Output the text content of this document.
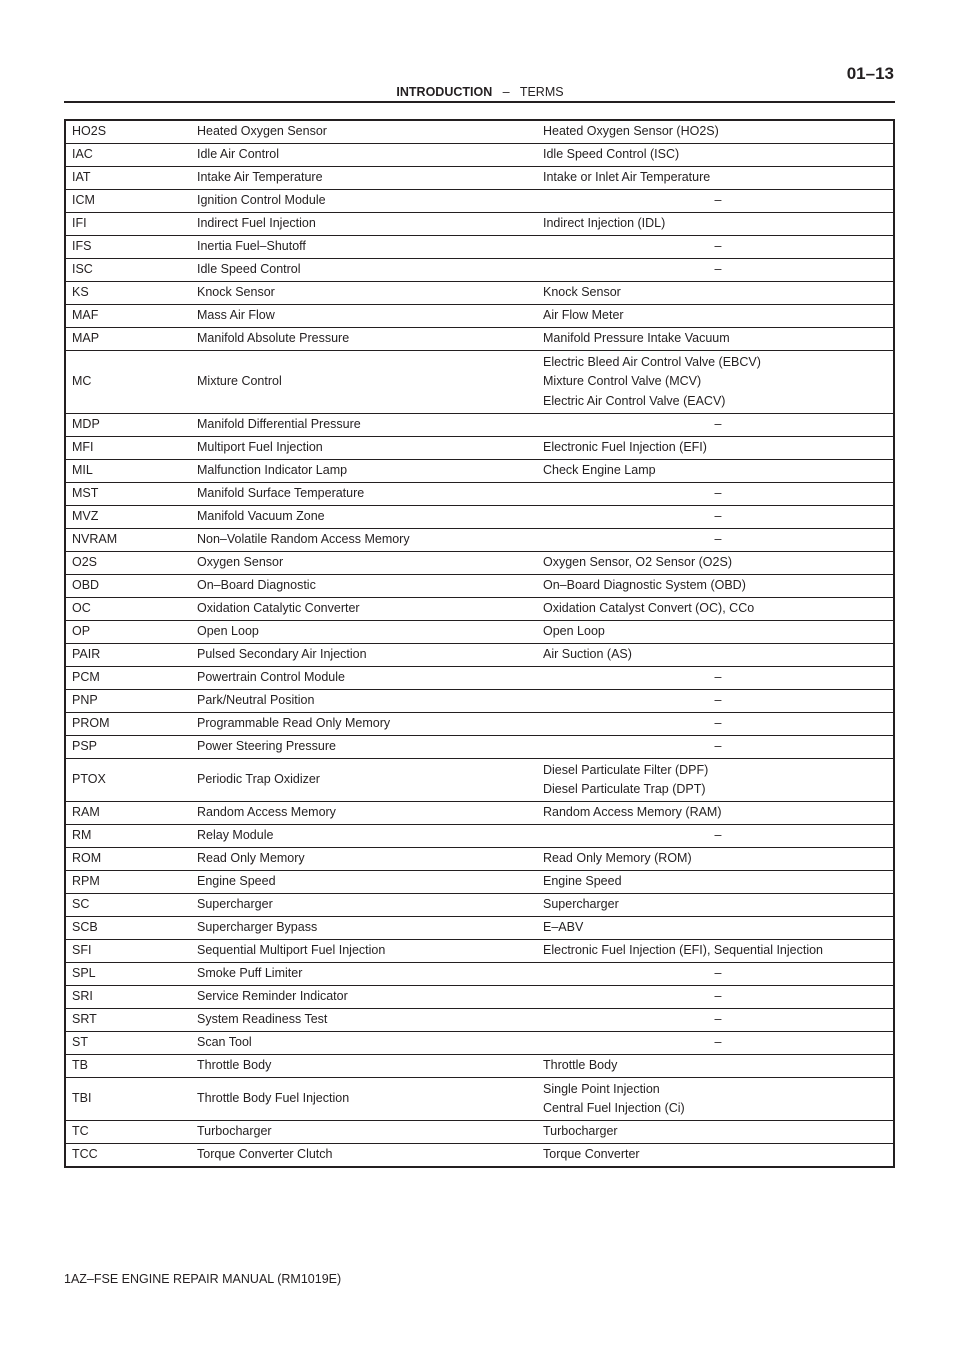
INTRODUCTION – TERMS
01–13
HO2S	Heated Oxygen Sensor	Heated Oxygen Sensor (HO2S)

IAC	Idle Air Control	Idle Speed Control (ISC)

IAT	Intake Air Temperature	Intake or Inlet Air Temperature

ICM	Ignition Control Module	–

IFI	Indirect Fuel Injection	Indirect Injection (IDL)

IFS	Inertia Fuel–Shutoff	–

ISC	Idle Speed Control	–

KS	Knock Sensor	Knock Sensor

MAF	Mass Air Flow	Air Flow Meter

MAP	Manifold Absolute Pressure	Manifold Pressure Intake Vacuum

MC	Mixture Control	Electric Bleed Air Control Valve (EBCV)
Mixture Control Valve (MCV)
Electric Air Control Valve (EACV)

MDP	Manifold Differential Pressure	–

MFI	Multiport Fuel Injection	Electronic Fuel Injection (EFI)

MIL	Malfunction Indicator Lamp	Check Engine Lamp

MST	Manifold Surface Temperature	–

MVZ	Manifold Vacuum Zone	–

NVRAM	Non–Volatile Random Access Memory	–

O2S	Oxygen Sensor	Oxygen Sensor, O2 Sensor (O2S)

OBD	On–Board Diagnostic	On–Board Diagnostic System (OBD)

OC	Oxidation Catalytic Converter	Oxidation Catalyst Convert (OC), CCo

OP	Open Loop	Open Loop

PAIR	Pulsed Secondary Air Injection	Air Suction (AS)

PCM	Powertrain Control Module	–

PNP	Park/Neutral Position	–

PROM	Programmable Read Only Memory	–

PSP	Power Steering Pressure	–

PTOX	Periodic Trap Oxidizer	Diesel Particulate Filter (DPF)
Diesel Particulate Trap (DPT)

RAM	Random Access Memory	Random Access Memory (RAM)

RM	Relay Module	–

ROM	Read Only Memory	Read Only Memory (ROM)

RPM	Engine Speed	Engine Speed

SC	Supercharger	Supercharger

SCB	Supercharger Bypass	E–ABV

SFI	Sequential Multiport Fuel Injection	Electronic Fuel Injection (EFI), Sequential Injection

SPL	Smoke Puff Limiter	–

SRI	Service Reminder Indicator	–

SRT	System Readiness Test	–

ST	Scan Tool	–

TB	Throttle Body	Throttle Body

TBI	Throttle Body Fuel Injection	Single Point Injection
Central Fuel Injection (Ci)

TC	Turbocharger	Turbocharger

TCC	Torque Converter Clutch	Torque Converter
1AZ–FSE ENGINE REPAIR MANUAL (RM1019E)
